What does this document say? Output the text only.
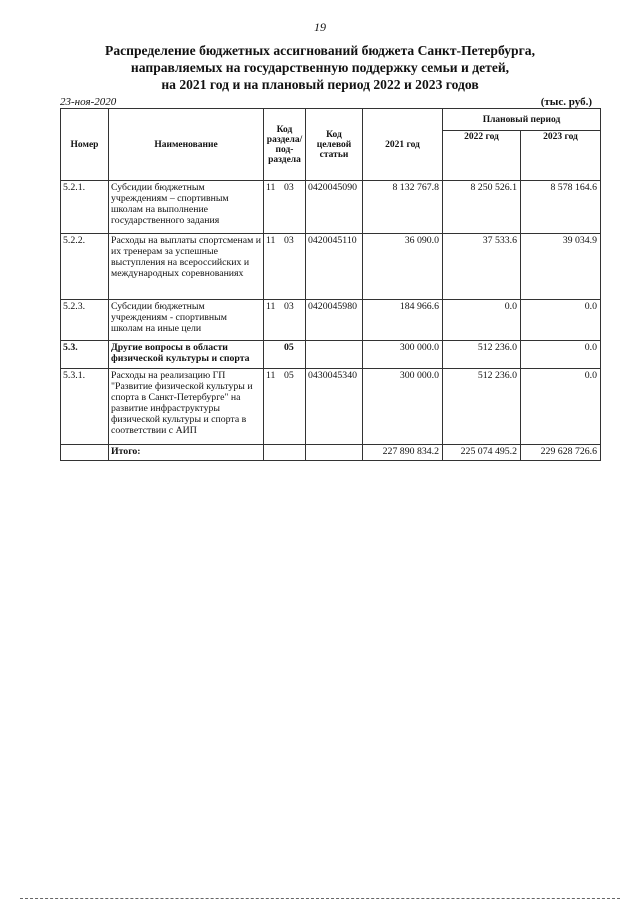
19
Распределение бюджетных ассигнований бюджета Санкт-Петербурга,
направляемых на государственную поддержку семьи и детей,
на 2021 год и на плановый период 2022 и 2023 годов
23-ноя-2020	(тыс. руб.)
Номер	Наименование	Код раздела/ под- раздела	Код целевой статьи	2021 год	Плановый период	
					2022 год	2023 год
5.2.1.	Субсидии бюджетным учреждениям – спортивным школам на выполнение государственного задания	11 03	0420045090	8 132 767.8	8 250 526.1	8 578 164.6
5.2.2.	Расходы на выплаты спортсменам и их тренерам за успешные выступления на всероссийских и международных соревнованиях	11 03	0420045110	36 090.0	37 533.6	39 034.9
5.2.3.	Субсидии бюджетным учреждениям - спортивным школам на иные цели	11 03	0420045980	184 966.6	0.0	0.0
5.3.	Другие вопросы в области физической культуры и спорта	05		300 000.0	512 236.0	0.0
5.3.1.	Расходы на реализацию ГП "Развитие физической культуры и спорта в Санкт-Петербурге" на развитие инфраструктуры физической культуры и спорта в соответствии с АИП	11 05	0430045340	300 000.0	512 236.0	0.0
	Итого:			227 890 834.2	225 074 495.2	229 628 726.6
